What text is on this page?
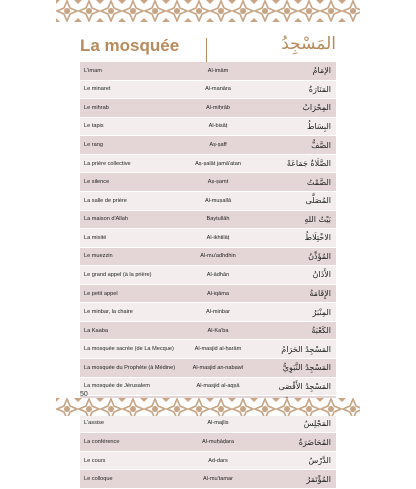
La mosquée	المَسْجِدُ
L'imam	Al-imām	الإمَامُ
Le minaret	Al-manāra	المَنَارَةُ
Le mihrab	Al-miḥrāb	المِحْرَابُ
Le tapis	Al-bisāṭ	البِسَاطُ
Le rang	Aṣ-ṣaff	الصَّفُّ
La prière collective	Aṣ-ṣalāt jamā'atan	الصَّلَاةُ جَمَاعَةً
Le silence	Aṣ-ṣamt	الصَّمْتُ
La salle de prière	Al-muṣallā	المُصَلَّى
La maison d'Allah	Baytullāh	بَيْتُ اللهِ
La mixité	Al-ikhtilāṭ	الاخْتِلَاطُ
Le muezzin	Al-mu'adhdhin	المُؤَذِّنُ
Le grand appel (à la prière)	Al-ādhān	الأَذَانُ
Le petit appel	Al-iqāma	الإِقَامَةُ
Le minbar, la chaire	Al-minbar	المِنْبَرُ
La Kaaba	Al-Ka'ba	الكَعْبَةُ
La mosquée sacrée (de La Mecque)	Al-masjid al-ḥarām	المَسْجِدُ الحَرَامُ
La mosquée du Prophète (à Médine)	Al-masjid an-nabawī	المَسْجِدُ النَّبَوِيُّ
La mosquée de Jérusalem	Al-masjid al-aqṣā	المَسْجِدُ الأَقْصَى

L'assise	Al-majlis	المَجْلِسُ
La conférence	Al-muḥāḍara	المُحَاضَرَةُ
Le cours	Ad-dars	الدَّرْسُ
Le colloque	Al-mu'tamar	المُؤْتَمَرُ
50
